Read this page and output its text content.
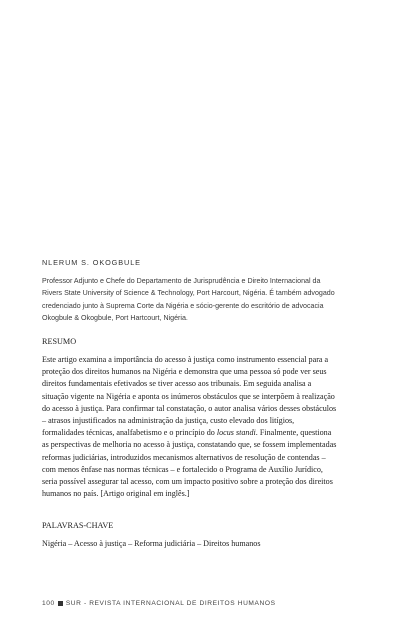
NLERUM S. OKOGBULE

Professor Adjunto e Chefe do Departamento de Jurisprudência e Direito Internacional da

Rivers State University of Science & Technology, Port Harcourt, Nigéria. É também advogado

credenciado junto à Suprema Corte da Nigéria e sócio-gerente do escritório de advocacia

Okogbule & Okogbule, Port Hartcourt, Nigéria.

RESUMO

Este artigo examina a importância do acesso à justiça como instrumento essencial para a

proteção dos direitos humanos na Nigéria e demonstra que uma pessoa só pode ver seus

direitos fundamentais efetivados se tiver acesso aos tribunais. Em seguida analisa a

situação vigente na Nigéria e aponta os inúmeros obstáculos que se interpõem à realização

do acesso à justiça. Para confirmar tal constatação, o autor analisa vários desses obstáculos

– atrasos injustificados na administração da justiça, custo elevado dos litígios,

formalidades técnicas, analfabetismo e o princípio do locus standi. Finalmente, questiona

as perspectivas de melhoria no acesso à justiça, constatando que, se fossem implementadas

reformas judiciárias, introduzidos mecanismos alternativos de resolução de contendas –

com menos ênfase nas normas técnicas – e fortalecido o Programa de Auxílio Jurídico,

seria possível assegurar tal acesso, com um impacto positivo sobre a proteção dos direitos

humanos no país. [Artigo original em inglês.]

PALAVRAS-CHAVE

Nigéria – Acesso à justiça – Reforma judiciária – Direitos humanos

100 SUR - REVISTA INTERNACIONAL DE DIREITOS HUMANOS
